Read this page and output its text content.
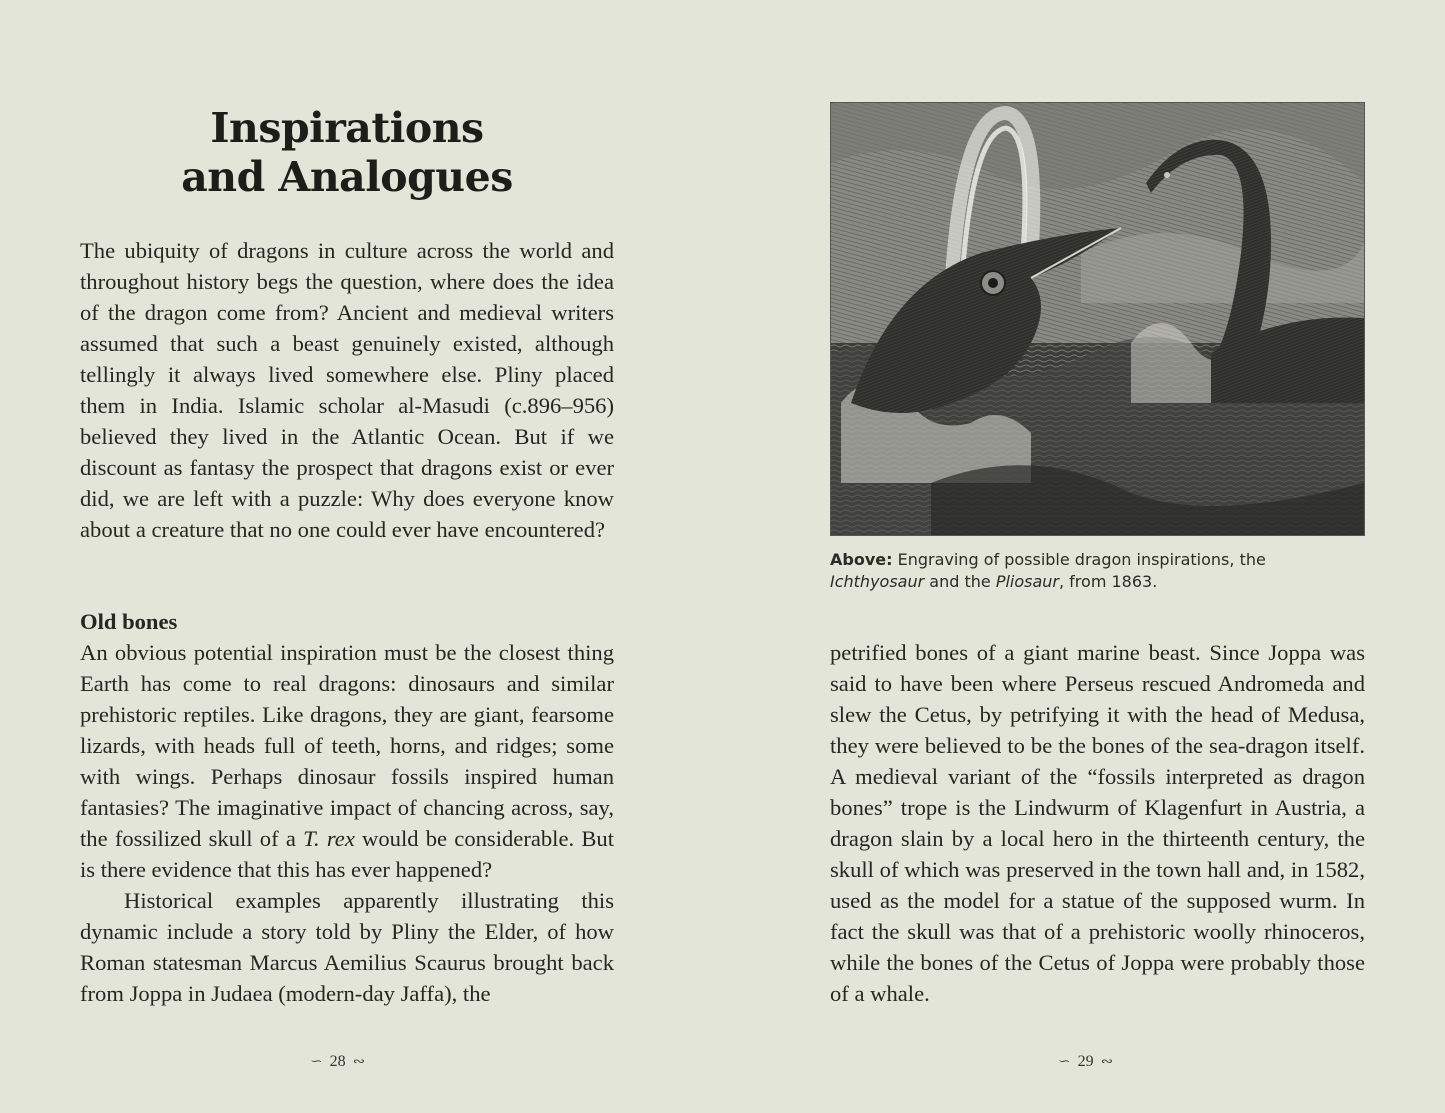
Inspirations
and Analogues

The ubiquity of dragons in culture across the world and throughout history begs the question, where does the idea of the dragon come from? Ancient and medieval writers assumed that such a beast genuinely existed, although tellingly it always lived somewhere else. Pliny placed them in India. Islamic scholar al-Masudi (c.896–956) believed they lived in the Atlantic Ocean. But if we discount as fantasy the prospect that dragons exist or ever did, we are left with a puzzle: Why does everyone know about a creature that no one could ever have encountered?

Old bones

An obvious potential inspiration must be the closest thing Earth has come to real dragons: dinosaurs and similar prehistoric reptiles. Like dragons, they are giant, fearsome lizards, with heads full of teeth, horns, and ridges; some with wings. Perhaps dinosaur fossils inspired human fantasies? The imaginative impact of chancing across, say, the fossilized skull of a T. rex would be considerable. But is there evidence that this has ever happened?

Historical examples apparently illustrating this dynamic include a story told by Pliny the Elder, of how Roman statesman Marcus Aemilius Scaurus brought back from Joppa in Judaea (modern-day Jaffa), the

∽ 28 ∾

Above: Engraving of possible dragon inspirations, the Ichthyosaur and the Pliosaur, from 1863.

petrified bones of a giant marine beast. Since Joppa was said to have been where Perseus rescued Andromeda and slew the Cetus, by petrifying it with the head of Medusa, they were believed to be the bones of the sea-dragon itself. A medieval variant of the “fossils interpreted as dragon bones” trope is the Lindwurm of Klagenfurt in Austria, a dragon slain by a local hero in the thirteenth century, the skull of which was preserved in the town hall and, in 1582, used as the model for a statue of the supposed wurm. In fact the skull was that of a prehistoric woolly rhinoceros, while the bones of the Cetus of Joppa were probably those of a whale.

∽ 29 ∾
